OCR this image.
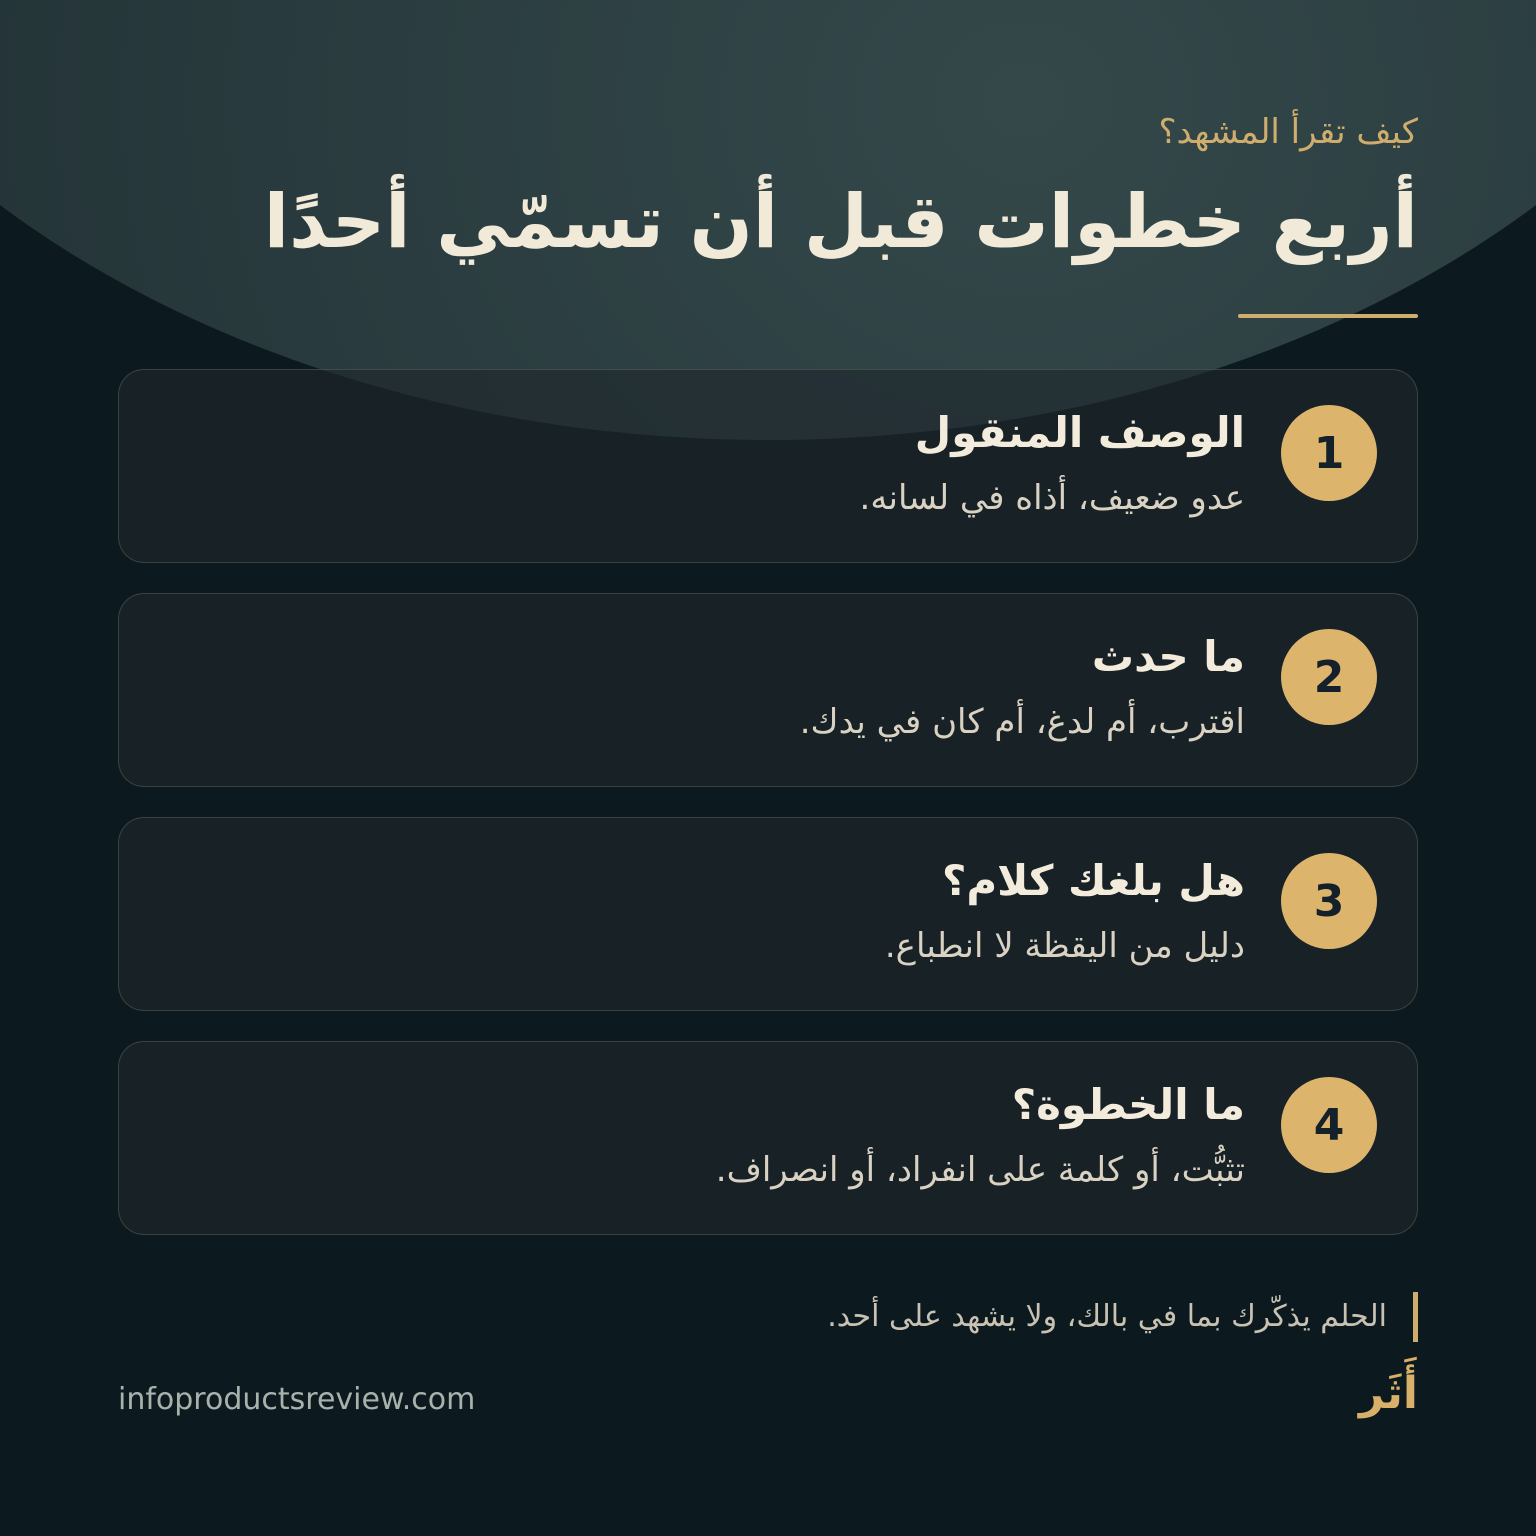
كيف تقرأ المشهد؟

أربع خطوات قبل أن تسمّي أحدًا
1
الوصف المنقول

عدو ضعيف، أذاه في لسانه.

2
ما حدث

اقترب، أم لدغ، أم كان في يدك.

3
هل بلغك كلام؟

دليل من اليقظة لا انطباع.

4
ما الخطوة؟

تثبُّت، أو كلمة على انفراد، أو انصراف.

الحلم يذكّرك بما في بالك، ولا يشهد على أحد.
infoproductsreview.com	أَثَر
